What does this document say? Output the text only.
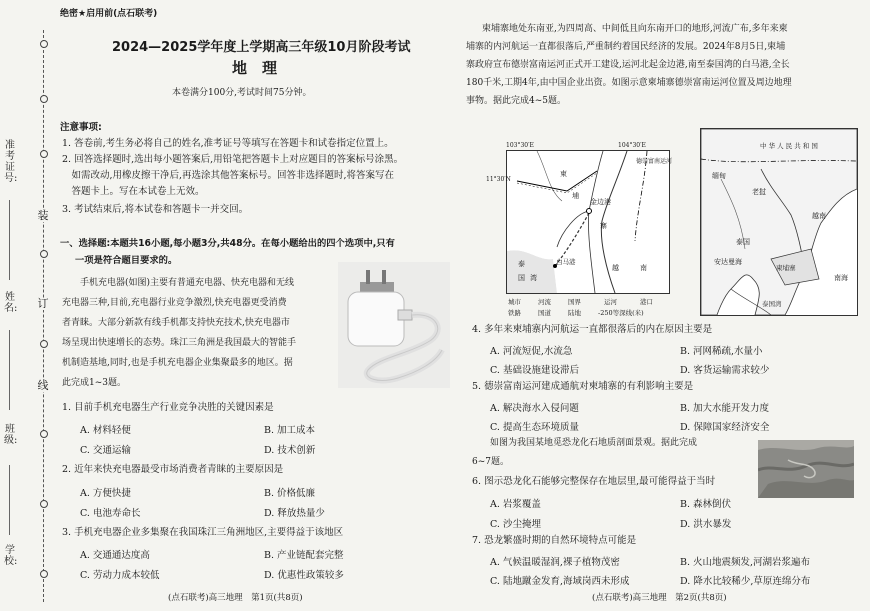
准考证号:
姓名:
班级:
学校:
装
订
线
绝密★启用前(点石联考)
2024—2025学年度上学期高三年级10月阶段考试
地　理
本卷满分100分,考试时间75分钟。
注意事项:
1. 答卷前,考生务必将自己的姓名,准考证号等填写在答题卡和试卷指定位置上。
2. 回答选择题时,选出每小题答案后,用铅笔把答题卡上对应题目的答案标号涂黑。
　如需改动,用橡皮擦干净后,再选涂其他答案标号。回答非选择题时,将答案写在
　答题卡上。写在本试卷上无效。
3. 考试结束后,将本试卷和答题卡一并交回。
一、选择题:本题共16小题,每小题3分,共48分。在每小题给出的四个选项中,只有
一项是符合题目要求的。
手机充电器(如图)主要有普通充电器、快充电器和无线
充电器三种,目前,充电器行业竞争激烈,快充电器更受消费
者青睐。大部分新款有线手机都支持快充技术,快充电器市
场呈现出快速增长的态势。珠江三角洲是我国最大的智能手
机制造基地,同时,也是手机充电器企业集聚最多的地区。据
此完成1~3题。
1. 目前手机充电器生产行业竞争决胜的关键因素是
A. 材料轻便	B. 加工成本
C. 交通运输	D. 技术创新
2. 近年来快充电器最受市场消费者青睐的主要原因是
A. 方便快捷	B. 价格低廉
C. 电池寿命长	D. 释放热量少
3. 手机充电器企业多集聚在我国珠江三角洲地区,主要得益于该地区
A. 交通通达度高	B. 产业链配套完整
C. 劳动力成本较低	D. 优惠性政策较多
(点石联考)高三地理　第1页(共8页)
柬埔寨地处东南亚,为四周高、中间低且向东南开口的地形,河流广布,多年来柬
埔寨的内河航运一直都很落后,严重制约着国民经济的发展。2024年8月5日,柬埔
寨政府宣布德崇富南运河正式开工建设,运河北起金边港,南至泰国湾的白马港,全长
180千米,工期4年,由中国企业出资。如图示意柬埔寨德崇富南运河位置及周边地理
事物。据此完成4~5题。
103°30′E	104°30′E
11°30′N
金边港
柬
埔
寨
白马港
越	南
泰
国 湾
德崇富南运河
城市	河流	国界	运河	港口
铁路	国道	陆地	-250等深线(米)
中 华 人 民 共 和 国
缅甸
老挝
泰国
越南
柬埔寨
安达曼海
南海
泰国湾
4. 多年来柬埔寨内河航运一直都很落后的内在原因主要是
A. 河流短促,水流急	B. 河网稀疏,水量小
C. 基础设施建设滞后	D. 客货运输需求较少
5. 德崇富南运河建成通航对柬埔寨的有利影响主要是
A. 解决海水入侵问题	B. 加大水能开发力度
C. 提高生态环境质量	D. 保障国家经济安全
如图为我国某地觅恐龙化石地质剖面景观。据此完成
6~7题。
6. 图示恐龙化石能够完整保存在地层里,最可能得益于当时
A. 岩浆覆盖	B. 森林倒伏
C. 沙尘掩埋	D. 洪水暴发
7. 恐龙繁盛时期的自然环境特点可能是
A. 气候温暖湿润,裸子植物茂密	B. 火山地震频发,河湖岩浆遍布
C. 陆地蹴金发育,海域岗西未形成	D. 降水比较稀少,草原连绵分布
(点石联考)高三地理　第2页(共8页)
